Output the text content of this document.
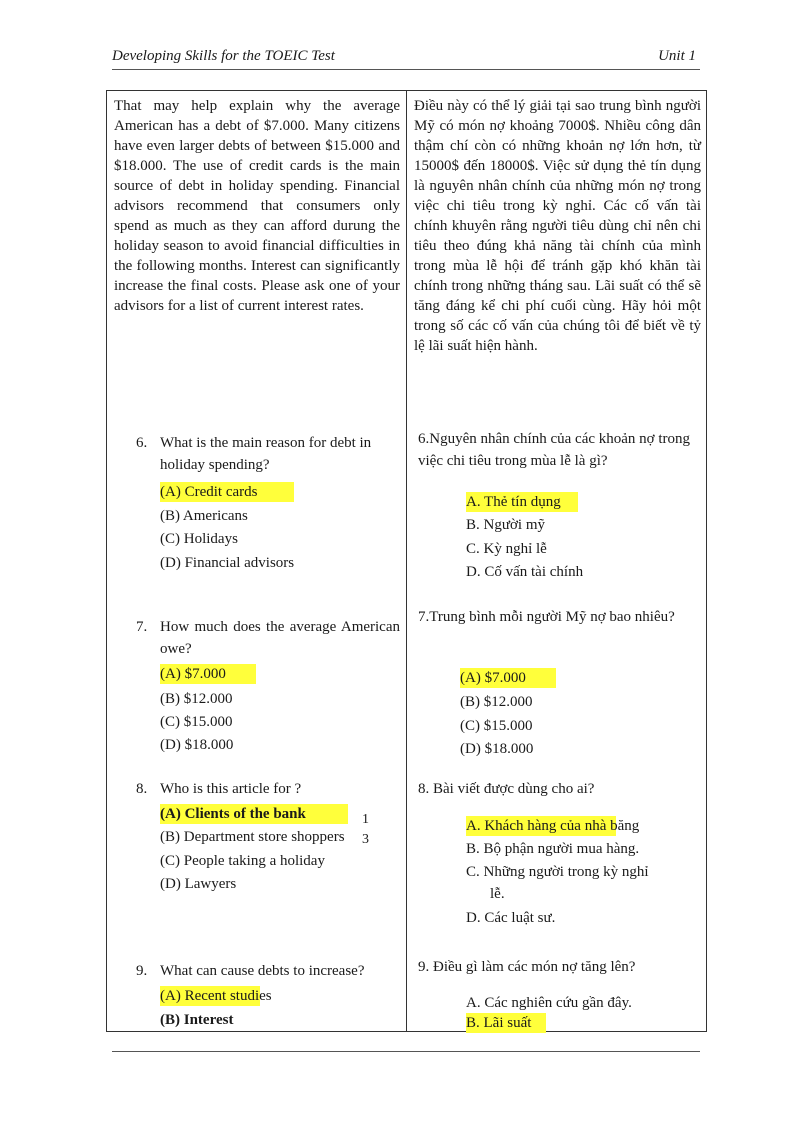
Developing Skills for the TOEIC Test	Unit 1
That may help explain why the average American has a debt of $7.000. Many citizens have even larger debts of between $15.000 and $18.000. The use of credit cards is the main source of debt in holiday spending. Financial advisors recommend that consumers only spend as much as they can afford durung the holiday season to avoid financial difficulties in the following months. Interest can significantly increase the final costs. Please ask one of your advisors for a list of current interest rates.
Điều này có thể lý giải tại sao trung bình người Mỹ có món nợ khoảng 7000$. Nhiều công dân thậm chí còn có những khoản nợ lớn hơn, từ 15000$ đến 18000$. Việc sử dụng thẻ tín dụng là nguyên nhân chính của những món nợ trong việc chi tiêu trong kỳ nghỉ. Các cố vấn tài chính khuyên rằng người tiêu dùng chỉ nên chi tiêu theo đúng khả năng tài chính của mình trong mùa lễ hội để tránh gặp khó khăn tài chính trong những tháng sau. Lãi suất có thể sẽ tăng đáng kể chi phí cuối cùng. Hãy hỏi một trong số các cố vấn của chúng tôi để biết về tỷ lệ lãi suất hiện hành.
6. What is the main reason for debt in holiday spending?
(A) Credit cards
(B) Americans
(C) Holidays
(D) Financial advisors
6.Nguyên nhân chính của các khoản nợ trong việc chi tiêu trong mùa lễ là gì?
A. Thẻ tín dụng
B. Người mỹ
C. Kỳ nghỉ lễ
D. Cố vấn tài chính
7. How much does the average American owe?
(A) $7.000
(B) $12.000
(C) $15.000
(D) $18.000
7.Trung bình mỗi người Mỹ nợ bao nhiêu?
(A) $7.000
(B) $12.000
(C) $15.000
(D) $18.000
8. Who is this article for ?
(A) Clients of the bank
(B) Department store shoppers
(C) People taking a holiday
(D) Lawyers
1
3
8. Bài viết được dùng cho ai?
A. Khách hàng của nhà băng
B. Bộ phận người mua hàng.
C. Những người trong kỳ nghỉ
lễ.
D. Các luật sư.
9. What can cause debts to increase?
(A) Recent studies
(B) Interest
9. Điều gì làm các món nợ tăng lên?
A. Các nghiên cứu gần đây.
B. Lãi suất
